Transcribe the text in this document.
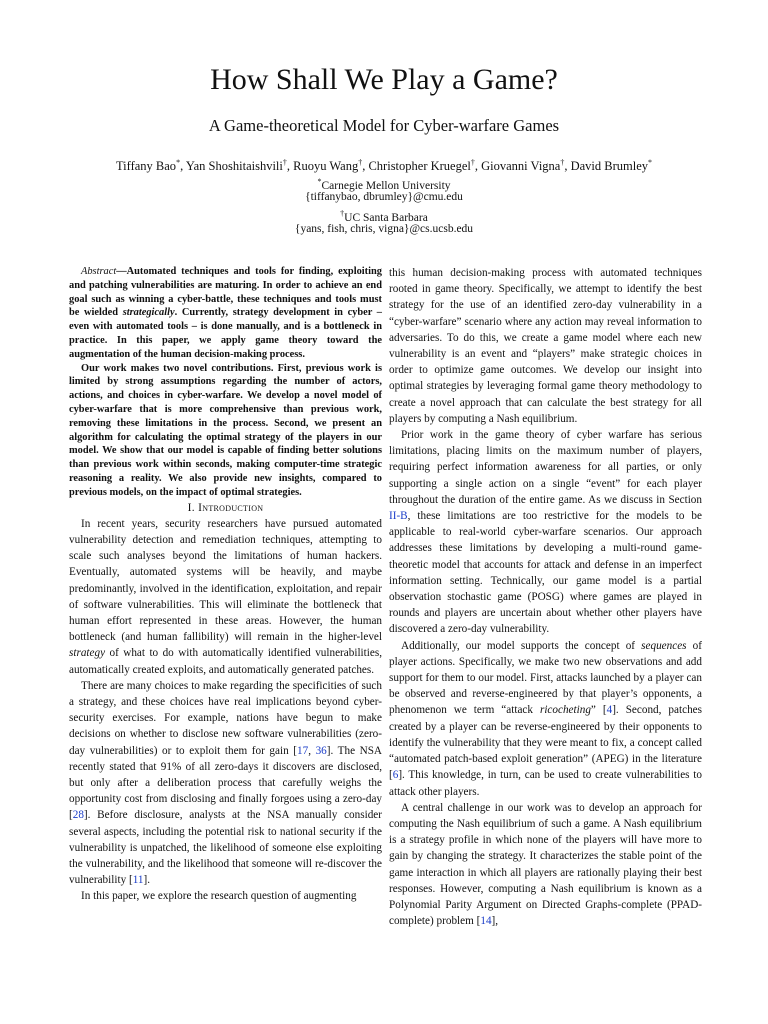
How Shall We Play a Game?
A Game-theoretical Model for Cyber-warfare Games
Tiffany Bao*, Yan Shoshitaishvili†, Ruoyu Wang†, Christopher Kruegel†, Giovanni Vigna†, David Brumley*
*Carnegie Mellon University
{tiffanybao, dbrumley}@cmu.edu
†UC Santa Barbara
{yans, fish, chris, vigna}@cs.ucsb.edu

Abstract—Automated techniques and tools for finding, exploiting and patching vulnerabilities are maturing. In order to achieve an end goal such as winning a cyber-battle, these techniques and tools must be wielded strategically. Currently, strategy development in cyber – even with automated tools – is done manually, and is a bottleneck in practice. In this paper, we apply game theory toward the augmentation of the human decision-making process.

Our work makes two novel contributions. First, previous work is limited by strong assumptions regarding the number of actors, actions, and choices in cyber-warfare. We develop a novel model of cyber-warfare that is more comprehensive than previous work, removing these limitations in the process. Second, we present an algorithm for calculating the optimal strategy of the players in our model. We show that our model is capable of finding better solutions than previous work within seconds, making computer-time strategic reasoning a reality. We also provide new insights, compared to previous models, on the impact of optimal strategies.

I. Introduction

In recent years, security researchers have pursued automated vulnerability detection and remediation techniques, attempting to scale such analyses beyond the limitations of human hackers. Eventually, automated systems will be heavily, and maybe predominantly, involved in the identification, exploitation, and repair of software vulnerabilities. This will eliminate the bottleneck that human effort represented in these areas. However, the human bottleneck (and human fallibility) will remain in the higher-level strategy of what to do with automatically identified vulnerabilities, automatically created exploits, and automatically generated patches.

There are many choices to make regarding the specificities of such a strategy, and these choices have real implications beyond cyber-security exercises. For example, nations have begun to make decisions on whether to disclose new software vulnerabilities (zero-day vulnerabilities) or to exploit them for gain [17, 36]. The NSA recently stated that 91% of all zero-days it discovers are disclosed, but only after a deliberation process that carefully weighs the opportunity cost from disclosing and finally forgoes using a zero-day [28]. Before disclosure, analysts at the NSA manually consider several aspects, including the potential risk to national security if the vulnerability is unpatched, the likelihood of someone else exploiting the vulnerability, and the likelihood that someone will re-discover the vulnerability [11].

In this paper, we explore the research question of augmenting

this human decision-making process with automated techniques rooted in game theory. Specifically, we attempt to identify the best strategy for the use of an identified zero-day vulnerability in a “cyber-warfare” scenario where any action may reveal information to adversaries. To do this, we create a game model where each new vulnerability is an event and “players” make strategic choices in order to optimize game outcomes. We develop our insight into optimal strategies by leveraging formal game theory methodology to create a novel approach that can calculate the best strategy for all players by computing a Nash equilibrium.

Prior work in the game theory of cyber warfare has serious limitations, placing limits on the maximum number of players, requiring perfect information awareness for all parties, or only supporting a single action on a single “event” for each player throughout the duration of the entire game. As we discuss in Section II-B, these limitations are too restrictive for the models to be applicable to real-world cyber-warfare scenarios. Our approach addresses these limitations by developing a multi-round game-theoretic model that accounts for attack and defense in an imperfect information setting. Technically, our game model is a partial observation stochastic game (POSG) where games are played in rounds and players are uncertain about whether other players have discovered a zero-day vulnerability.

Additionally, our model supports the concept of sequences of player actions. Specifically, we make two new observations and add support for them to our model. First, attacks launched by a player can be observed and reverse-engineered by that player’s opponents, a phenomenon we term “attack ricocheting” [4]. Second, patches created by a player can be reverse-engineered by their opponents to identify the vulnerability that they were meant to fix, a concept called “automated patch-based exploit generation” (APEG) in the literature [6]. This knowledge, in turn, can be used to create vulnerabilities to attack other players.

A central challenge in our work was to develop an approach for computing the Nash equilibrium of such a game. A Nash equilibrium is a strategy profile in which none of the players will have more to gain by changing the strategy. It characterizes the stable point of the game interaction in which all players are rationally playing their best responses. However, computing a Nash equilibrium is known as a Polynomial Parity Argument on Directed Graphs-complete (PPAD-complete) problem [14],
